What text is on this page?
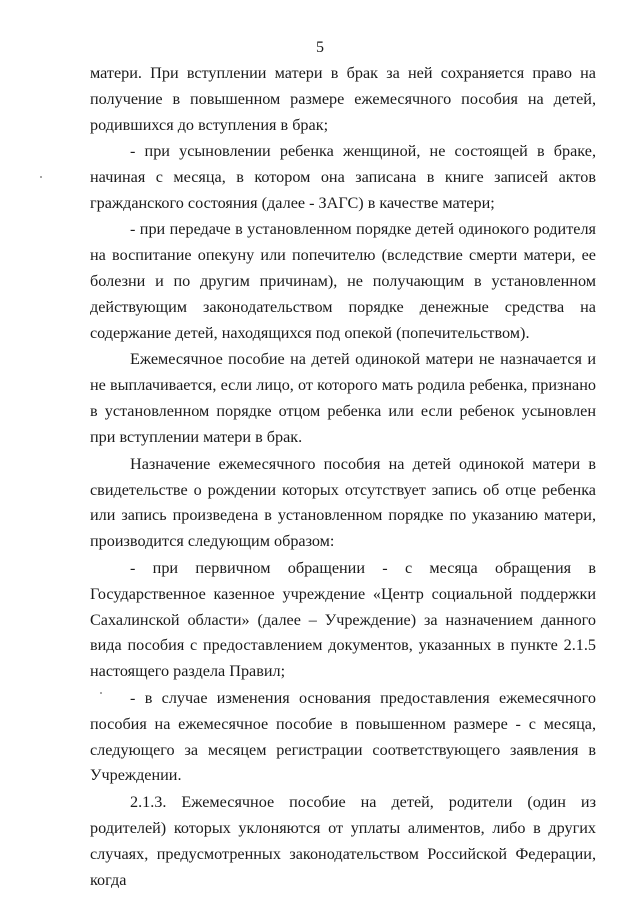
5

матери. При вступлении матери в брак за ней сохраняется право на получение в повышенном размере ежемесячного пособия на детей, родившихся до вступления в брак;

- при усыновлении ребенка женщиной, не состоящей в браке, начиная с месяца, в котором она записана в книге записей актов гражданского состояния (далее - ЗАГС) в качестве матери;

- при передаче в установленном порядке детей одинокого родителя на воспитание опекуну или попечителю (вследствие смерти матери, ее болезни и по другим причинам), не получающим в установленном действующим законодательством порядке денежные средства на содержание детей, находящихся под опекой (попечительством).

Ежемесячное пособие на детей одинокой матери не назначается и не выплачивается, если лицо, от которого мать родила ребенка, признано в установленном порядке отцом ребенка или если ребенок усыновлен при вступлении матери в брак.

Назначение ежемесячного пособия на детей одинокой матери в свидетельстве о рождении которых отсутствует запись об отце ребенка или запись произведена в установленном порядке по указанию матери, производится следующим образом:

- при первичном обращении - с месяца обращения в Государственное казенное учреждение «Центр социальной поддержки Сахалинской области» (далее – Учреждение) за назначением данного вида пособия с предоставлением документов, указанных в пункте 2.1.5 настоящего раздела Правил;

- в случае изменения основания предоставления ежемесячного пособия на ежемесячное пособие в повышенном размере - с месяца, следующего за месяцем регистрации соответствующего заявления в Учреждении.

2.1.3. Ежемесячное пособие на детей, родители (один из родителей) которых уклоняются от уплаты алиментов, либо в других случаях, предусмотренных законодательством Российской Федерации, когда
